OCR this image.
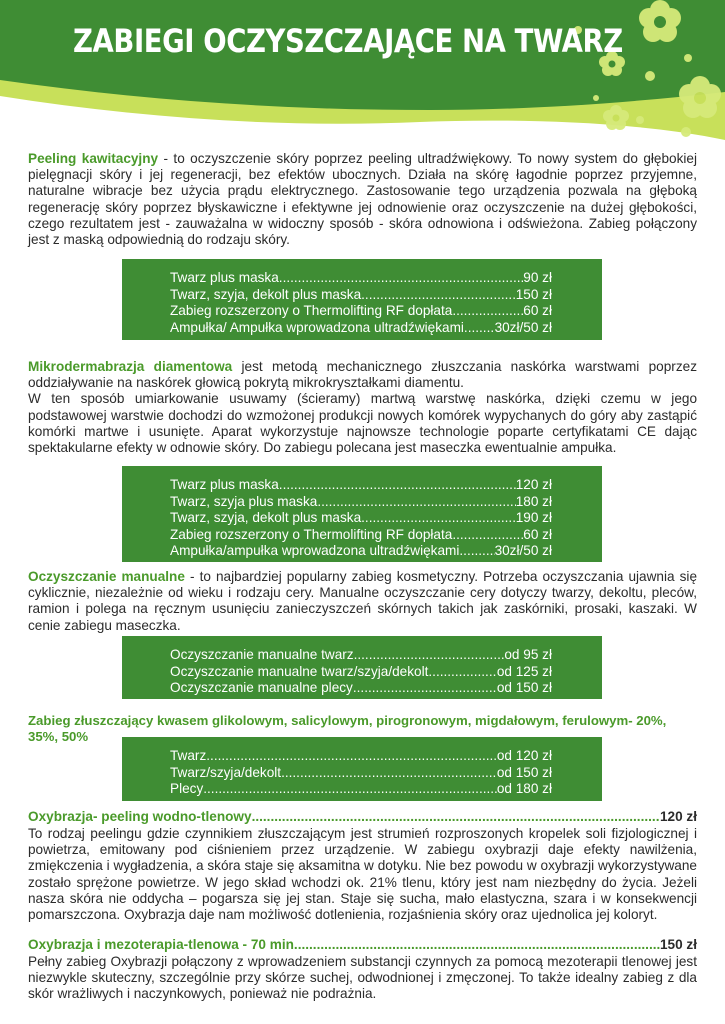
ZABIEGI OCZYSZCZAJĄCE NA TWARZ

Peeling kawitacyjny - to oczyszczenie skóry poprzez peeling ultradźwiękowy. To nowy system do głębokiej pielęgnacji skóry i jej regeneracji, bez efektów ubocznych. Działa na skórę łagodnie poprzez przyjemne, naturalne wibracje bez użycia prądu elektrycznego. Zastosowanie tego urządzenia pozwala na głęboką regenerację skóry poprzez błyskawiczne i efektywne jej odnowienie oraz oczyszczenie na dużej głębokości, czego rezultatem jest - zauważalna w widoczny sposób - skóra odnowiona i odświeżona. Zabieg połączony jest z maską odpowiednią do rodzaju skóry.

Twarz plus maska .....	90 zł
Twarz, szyja, dekolt plus maska .....	150 zł
Zabieg rozszerzony o Thermolifting RF dopłata .....	60 zł
Ampułka/ Ampułka wprowadzona ultradźwiękami ..... 30zł/50 zł

Mikrodermabrazja diamentowa jest metodą mechanicznego złuszczania naskórka warstwami poprzez oddziaływanie na naskórek głowicą pokrytą mikrokryształkami diamentu.

W ten sposób umiarkowanie usuwamy (ścieramy) martwą warstwę naskórka, dzięki czemu w jego podstawowej warstwie dochodzi do wzmożonej produkcji nowych komórek wypychanych do góry aby zastąpić komórki martwe i usunięte. Aparat wykorzystuje najnowsze technologie poparte certyfikatami CE dając spektakularne efekty w odnowie skóry. Do zabiegu polecana jest maseczka ewentualnie ampułka.

Twarz plus maska .....	120 zł
Twarz, szyja plus maska .....	180 zł
Twarz, szyja, dekolt plus maska .....	190 zł
Zabieg rozszerzony o Thermolifting RF dopłata .....	60 zł
Ampułka/ampułka wprowadzona ultradźwiękami .....	30zł/50 zł

Oczyszczanie manualne - to najbardziej popularny zabieg kosmetyczny. Potrzeba oczyszczania ujawnia się cyklicznie, niezależnie od wieku i rodzaju cery. Manualne oczyszczanie cery dotyczy twarzy, dekoltu, pleców, ramion i polega na ręcznym usunięciu zanieczyszczeń skórnych takich jak zaskórniki, prosaki, kaszaki. W cenie zabiegu maseczka.

Oczyszczanie manualne twarz .....	od 95 zł
Oczyszczanie manualne twarz/szyja/dekolt .....	od 125 zł
Oczyszczanie manualne plecy .....	od 150 zł
Zabieg złuszczający kwasem glikolowym, salicylowym, pirogronowym, migdałowym, ferulowym- 20%, 35%, 50%
Twarz .....	od 120 zł
Twarz/szyja/dekolt .....	od 150 zł
Plecy .....	od 180 zł
Oxybrazja- peeling wodno-tlenowy .....	120 zł

To rodzaj peelingu gdzie czynnikiem złuszczającym jest strumień rozproszonych kropelek soli fizjologicznej i powietrza, emitowany pod ciśnieniem przez urządzenie. W zabiegu oxybrazji daje efekty nawilżenia, zmiękczenia i wygładzenia, a skóra staje się aksamitna w dotyku. Nie bez powodu w oxybrazji wykorzystywane zostało sprężone powietrze. W jego skład wchodzi ok. 21% tlenu, który jest nam niezbędny do życia. Jeżeli nasza skóra nie oddycha – pogarsza się jej stan. Staje się sucha, mało elastyczna, szara i w konsekwencji pomarszczona. Oxybrazja daje nam możliwość dotlenienia, rozjaśnienia skóry oraz ujednolica jej koloryt.

Oxybrazja i mezoterapia-tlenowa - 70 min .....	150 zł

Pełny zabieg Oxybrazji połączony z wprowadzeniem substancji czynnych za pomocą mezoterapii tlenowej jest niezwykle skuteczny, szczególnie przy skórze suchej, odwodnionej i zmęczonej. To także idealny zabieg z dla skór wrażliwych i naczynkowych, ponieważ nie podrażnia.
